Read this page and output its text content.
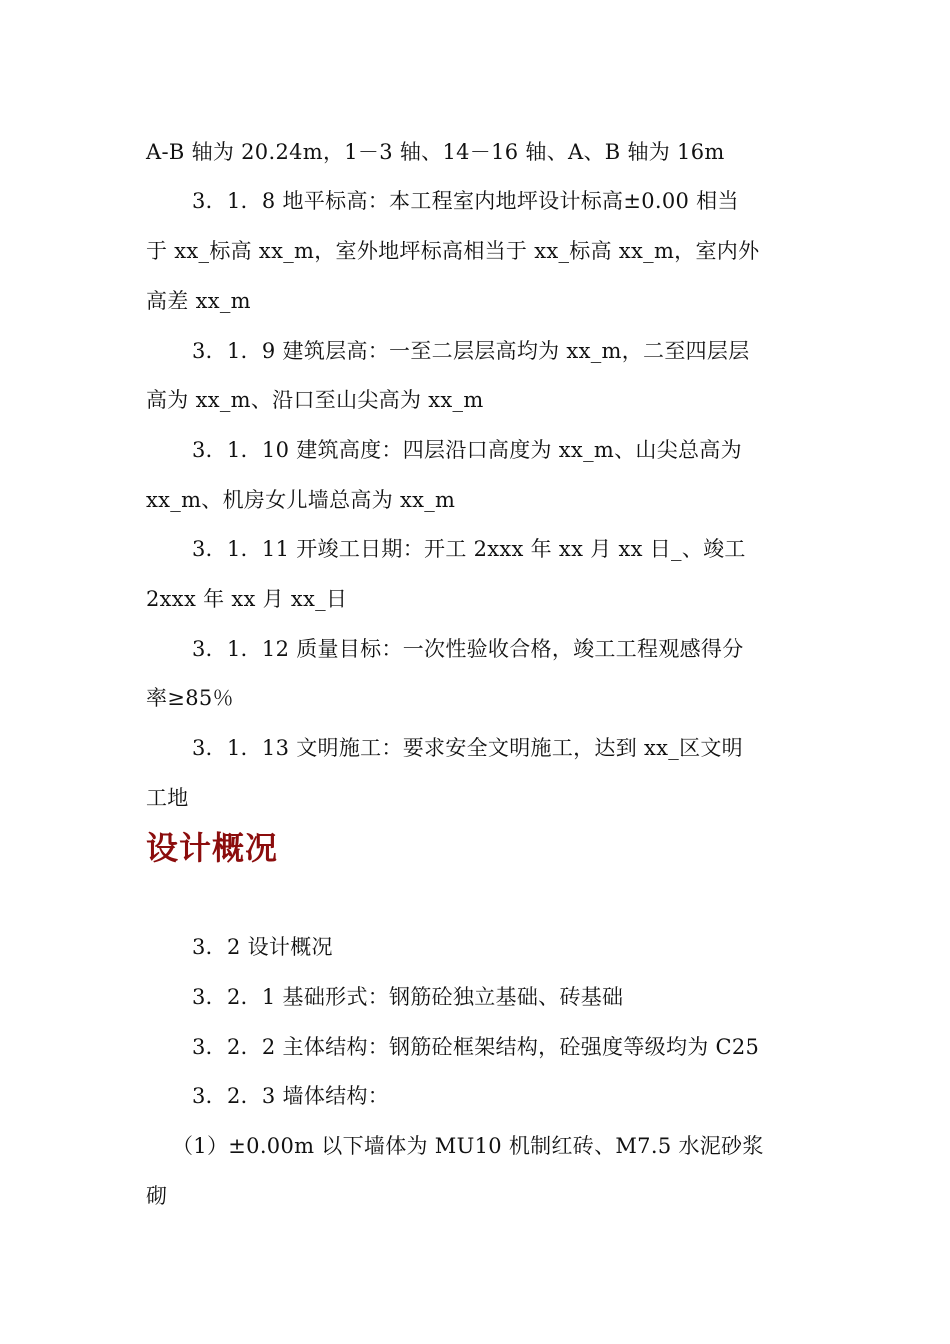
A-B 轴为 20.24m，1－3 轴、14－16 轴、A、B 轴为 16m
3．1．8 地平标高：本工程室内地坪设计标高±0.00 相当
于 xx_标高 xx_m，室外地坪标高相当于 xx_标高 xx_m，室内外
高差 xx_m
3．1．9 建筑层高：一至二层层高均为 xx_m，二至四层层
高为 xx_m、沿口至山尖高为 xx_m
3．1．10 建筑高度：四层沿口高度为 xx_m、山尖总高为
xx_m、机房女儿墙总高为 xx_m
3．1．11 开竣工日期：开工 2xxx 年 xx 月 xx 日_、竣工
2xxx 年 xx 月 xx_日
3．1．12 质量目标：一次性验收合格，竣工工程观感得分
率≥85％
3．1．13 文明施工：要求安全文明施工，达到 xx_区文明
工地
设计概况
3．2 设计概况
3．2．1 基础形式：钢筋砼独立基础、砖基础
3．2．2 主体结构：钢筋砼框架结构，砼强度等级均为 C25
3．2．3 墙体结构：
（1）±0.00m 以下墙体为 MU10 机制红砖、M7.5 水泥砂浆
砌
